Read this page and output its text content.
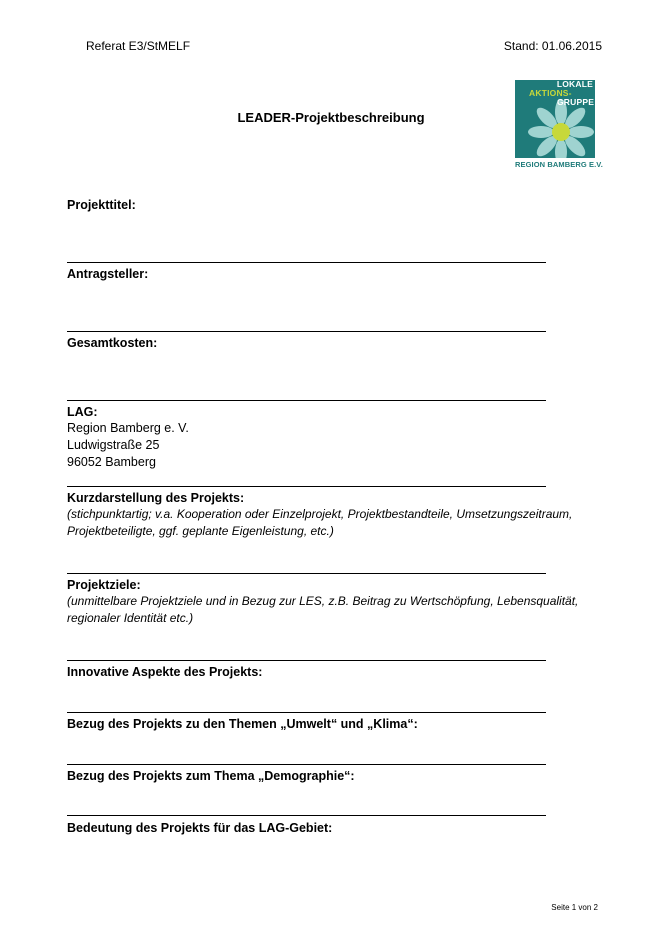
Referat E3/StMELF	Stand: 01.06.2015
LEADER-Projektbeschreibung
LOKALE
AKTIONS-
GRUPPE
REGION BAMBERG E.V.
Projekttitel:
Antragsteller:
Gesamtkosten:
LAG:
Region Bamberg e. V.
Ludwigstraße 25
96052 Bamberg
Kurzdarstellung des Projekts:
(stichpunktartig; v.a. Kooperation oder Einzelprojekt, Projektbestandteile, Umsetzungszeitraum,
Projektbeteiligte, ggf. geplante Eigenleistung, etc.)
Projektziele:
(unmittelbare Projektziele und in Bezug zur LES, z.B. Beitrag zu Wertschöpfung, Lebensqualität,
regionaler Identität etc.)
Innovative Aspekte des Projekts:
Bezug des Projekts zu den Themen „Umwelt“ und „Klima“:
Bezug des Projekts zum Thema „Demographie“:
Bedeutung des Projekts für das LAG-Gebiet:
Seite 1 von 2
